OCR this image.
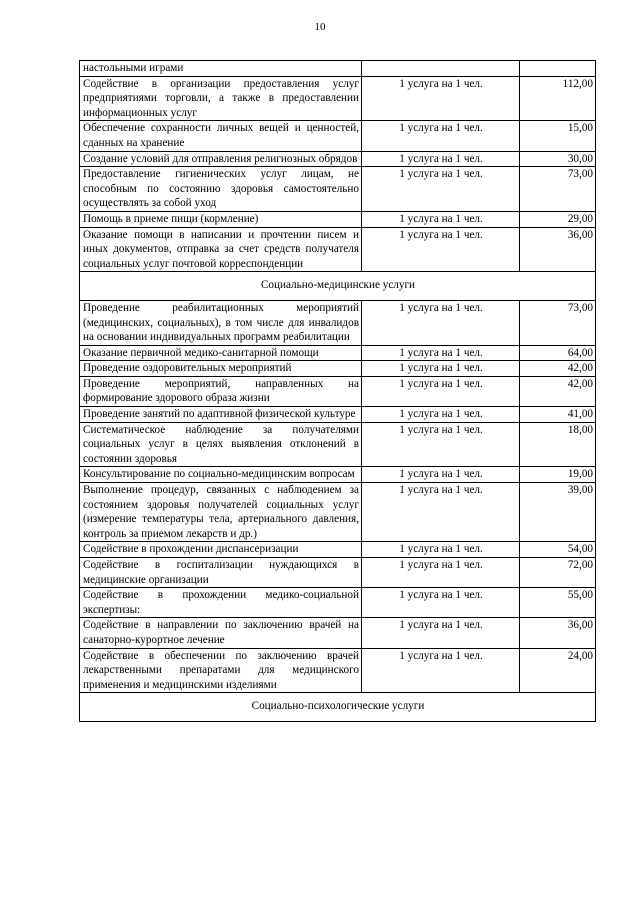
10
настольными играми		
Содействие в организации предоставления услуг предприятиями торговли, а также в предоставлении информационных услуг	1 услуга на 1 чел.	112,00
Обеспечение сохранности личных вещей и ценностей, сданных на хранение	1 услуга на 1 чел.	15,00
Создание условий для отправления религиозных обрядов	1 услуга на 1 чел.	30,00
Предоставление гигиенических услуг лицам, не способным по состоянию здоровья самостоятельно осуществлять за собой уход	1 услуга на 1 чел.	73,00
Помощь в приеме пищи (кормление)	1 услуга на 1 чел.	29,00
Оказание помощи в написании и прочтении писем и иных документов, отправка за счет средств получателя социальных услуг почтовой корреспонденции	1 услуга на 1 чел.	36,00
Социально-медицинские услуги		
Проведение реабилитационных мероприятий (медицинских, социальных), в том числе для инвалидов на основании индивидуальных программ реабилитации	1 услуга на 1 чел.	73,00
Оказание первичной медико-санитарной помощи	1 услуга на 1 чел.	64,00
Проведение оздоровительных мероприятий	1 услуга на 1 чел.	42,00
Проведение мероприятий, направленных на формирование здорового образа жизни	1 услуга на 1 чел.	42,00
Проведение занятий по адаптивной физической культуре	1 услуга на 1 чел.	41,00
Систематическое наблюдение за получателями социальных услуг в целях выявления отклонений в состоянии здоровья	1 услуга на 1 чел.	18,00
Консультирование по социально-медицинским вопросам	1 услуга на 1 чел.	19,00
Выполнение процедур, связанных с наблюдением за состоянием здоровья получателей социальных услуг (измерение температуры тела, артериального давления, контроль за приемом лекарств и др.)	1 услуга на 1 чел.	39,00
Содействие в прохождении диспансеризации	1 услуга на 1 чел.	54,00
Содействие в госпитализации нуждающихся в медицинские организации	1 услуга на 1 чел.	72,00
Содействие в прохождении медико-социальной экспертизы:	1 услуга на 1 чел.	55,00
Содействие в направлении по заключению врачей на санаторно-курортное лечение	1 услуга на 1 чел.	36,00
Содействие в обеспечении по заключению врачей лекарственными препаратами для медицинского применения и медицинскими изделиями	1 услуга на 1 чел.	24,00
Социально-психологические услуги		
